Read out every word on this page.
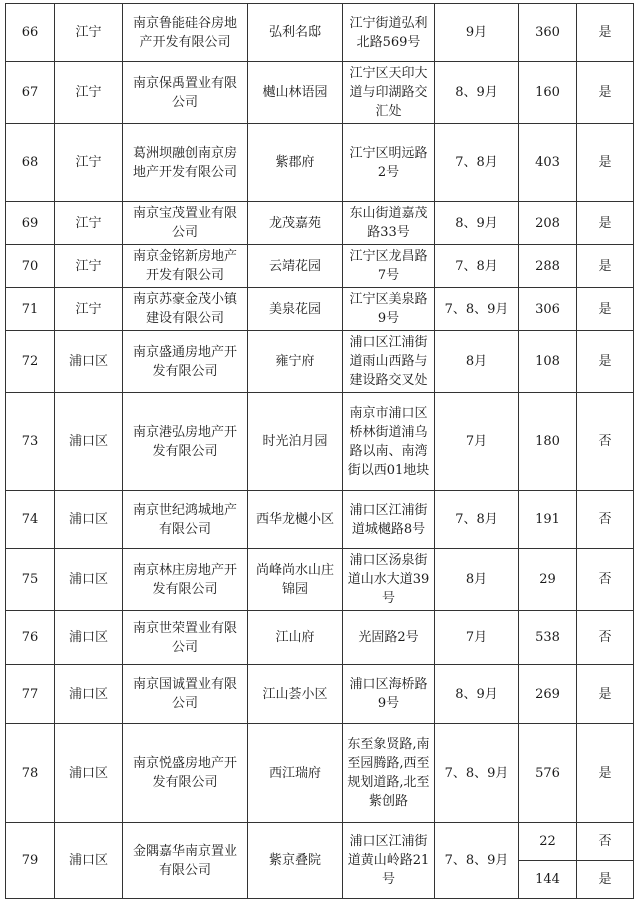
66	江宁	南京鲁能硅谷房地产开发有限公司	弘利名邸	江宁街道弘利北路569号	9月	360	是
67	江宁	南京保禹置业有限公司	樾山林语园	江宁区天印大道与印湖路交汇处	8、9月	160	是
68	江宁	葛洲坝融创南京房地产开发有限公司	紫郡府	江宁区明远路2号	7、8月	403	是
69	江宁	南京宝茂置业有限公司	龙茂嘉苑	东山街道嘉茂路33号	8、9月	208	是
70	江宁	南京金铭新房地产开发有限公司	云靖花园	江宁区龙昌路7号	7、8月	288	是
71	江宁	南京苏豪金茂小镇建设有限公司	美泉花园	江宁区美泉路9号	7、8、9月	306	是
72	浦口区	南京盛通房地产开发有限公司	雍宁府	浦口区江浦街道雨山西路与建设路交叉处	8月	108	是
73	浦口区	南京港弘房地产开发有限公司	时光泊月园	南京市浦口区桥林街道浦乌路以南、南湾街以西01地块	7月	180	否
74	浦口区	南京世纪鸿城地产有限公司	西华龙樾小区	浦口区江浦街道城樾路8号	7、8月	191	否
75	浦口区	南京林庄房地产开发有限公司	尚峰尚水山庄锦园	浦口区汤泉街道山水大道39号	8月	29	否
76	浦口区	南京世荣置业有限公司	江山府	光固路2号	7月	538	否
77	浦口区	南京国诚置业有限公司	江山荟小区	浦口区海桥路9号	8、9月	269	是
78	浦口区	南京悦盛房地产开发有限公司	西江瑞府	东至象贤路,南至园腾路,西至规划道路,北至紫创路	7、8、9月	576	是
79	浦口区	金隅嘉华南京置业有限公司	紫京叠院	浦口区江浦街道黄山岭路21号	7、8、9月	22	否
						144	是
